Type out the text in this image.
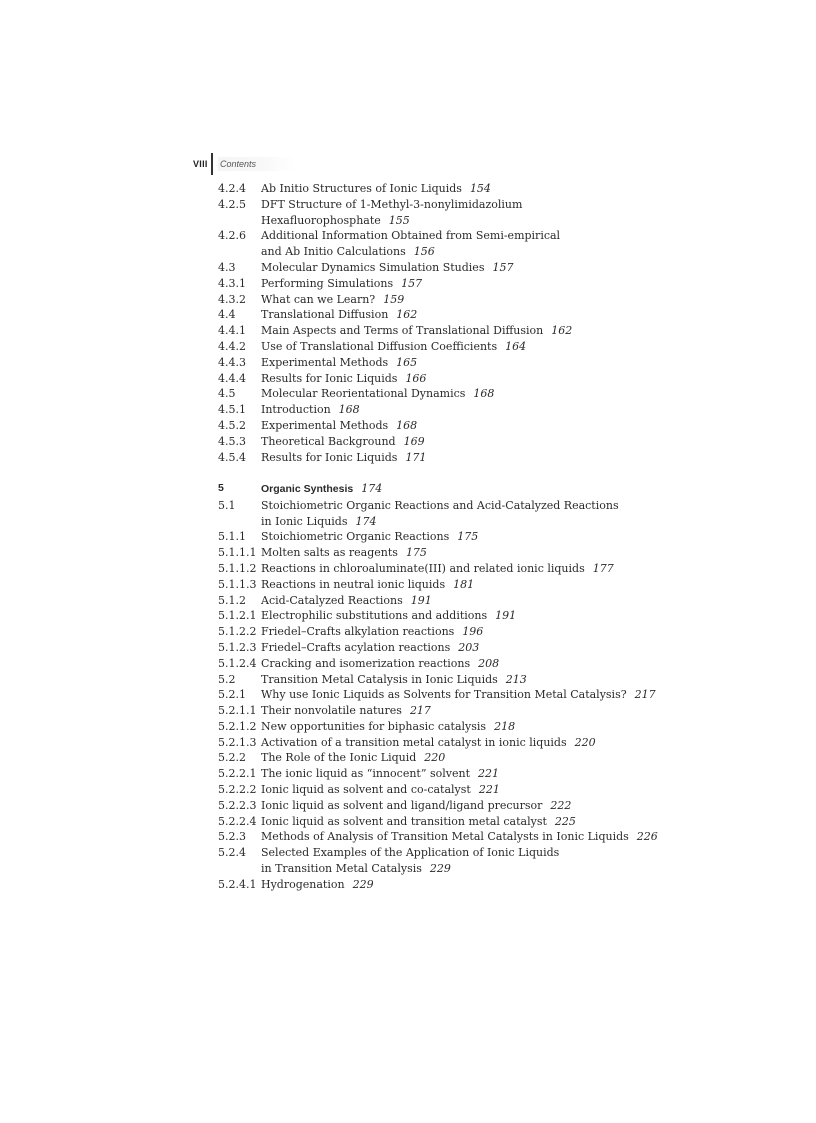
VIII Contents
4.2.4	Ab Initio Structures of Ionic Liquids 154
4.2.5	DFT Structure of 1-Methyl-3-nonylimidazolium
Hexafluorophosphate 155
4.2.6	Additional Information Obtained from Semi-empirical
and Ab Initio Calculations 156
4.3	Molecular Dynamics Simulation Studies 157
4.3.1	Performing Simulations 157
4.3.2	What can we Learn? 159
4.4	Translational Diffusion 162
4.4.1	Main Aspects and Terms of Translational Diffusion 162
4.4.2	Use of Translational Diffusion Coefficients 164
4.4.3	Experimental Methods 165
4.4.4	Results for Ionic Liquids 166
4.5	Molecular Reorientational Dynamics 168
4.5.1	Introduction 168
4.5.2	Experimental Methods 168
4.5.3	Theoretical Background 169
4.5.4	Results for Ionic Liquids 171
5	Organic Synthesis 174
5.1	Stoichiometric Organic Reactions and Acid-Catalyzed Reactions
in Ionic Liquids 174
5.1.1	Stoichiometric Organic Reactions 175
5.1.1.1 Molten salts as reagents 175
5.1.1.2 Reactions in chloroaluminate(III) and related ionic liquids 177
5.1.1.3 Reactions in neutral ionic liquids 181
5.1.2	Acid-Catalyzed Reactions 191
5.1.2.1 Electrophilic substitutions and additions 191
5.1.2.2 Friedel–Crafts alkylation reactions 196
5.1.2.3 Friedel–Crafts acylation reactions 203
5.1.2.4 Cracking and isomerization reactions 208
5.2	Transition Metal Catalysis in Ionic Liquids 213
5.2.1	Why use Ionic Liquids as Solvents for Transition Metal Catalysis? 217
5.2.1.1 Their nonvolatile natures 217
5.2.1.2 New opportunities for biphasic catalysis 218
5.2.1.3 Activation of a transition metal catalyst in ionic liquids 220
5.2.2	The Role of the Ionic Liquid 220
5.2.2.1 The ionic liquid as “innocent” solvent 221
5.2.2.2 Ionic liquid as solvent and co-catalyst 221
5.2.2.3 Ionic liquid as solvent and ligand/ligand precursor 222
5.2.2.4 Ionic liquid as solvent and transition metal catalyst 225
5.2.3	Methods of Analysis of Transition Metal Catalysts in Ionic Liquids 226
5.2.4	Selected Examples of the Application of Ionic Liquids
in Transition Metal Catalysis 229
5.2.4.1 Hydrogenation 229
